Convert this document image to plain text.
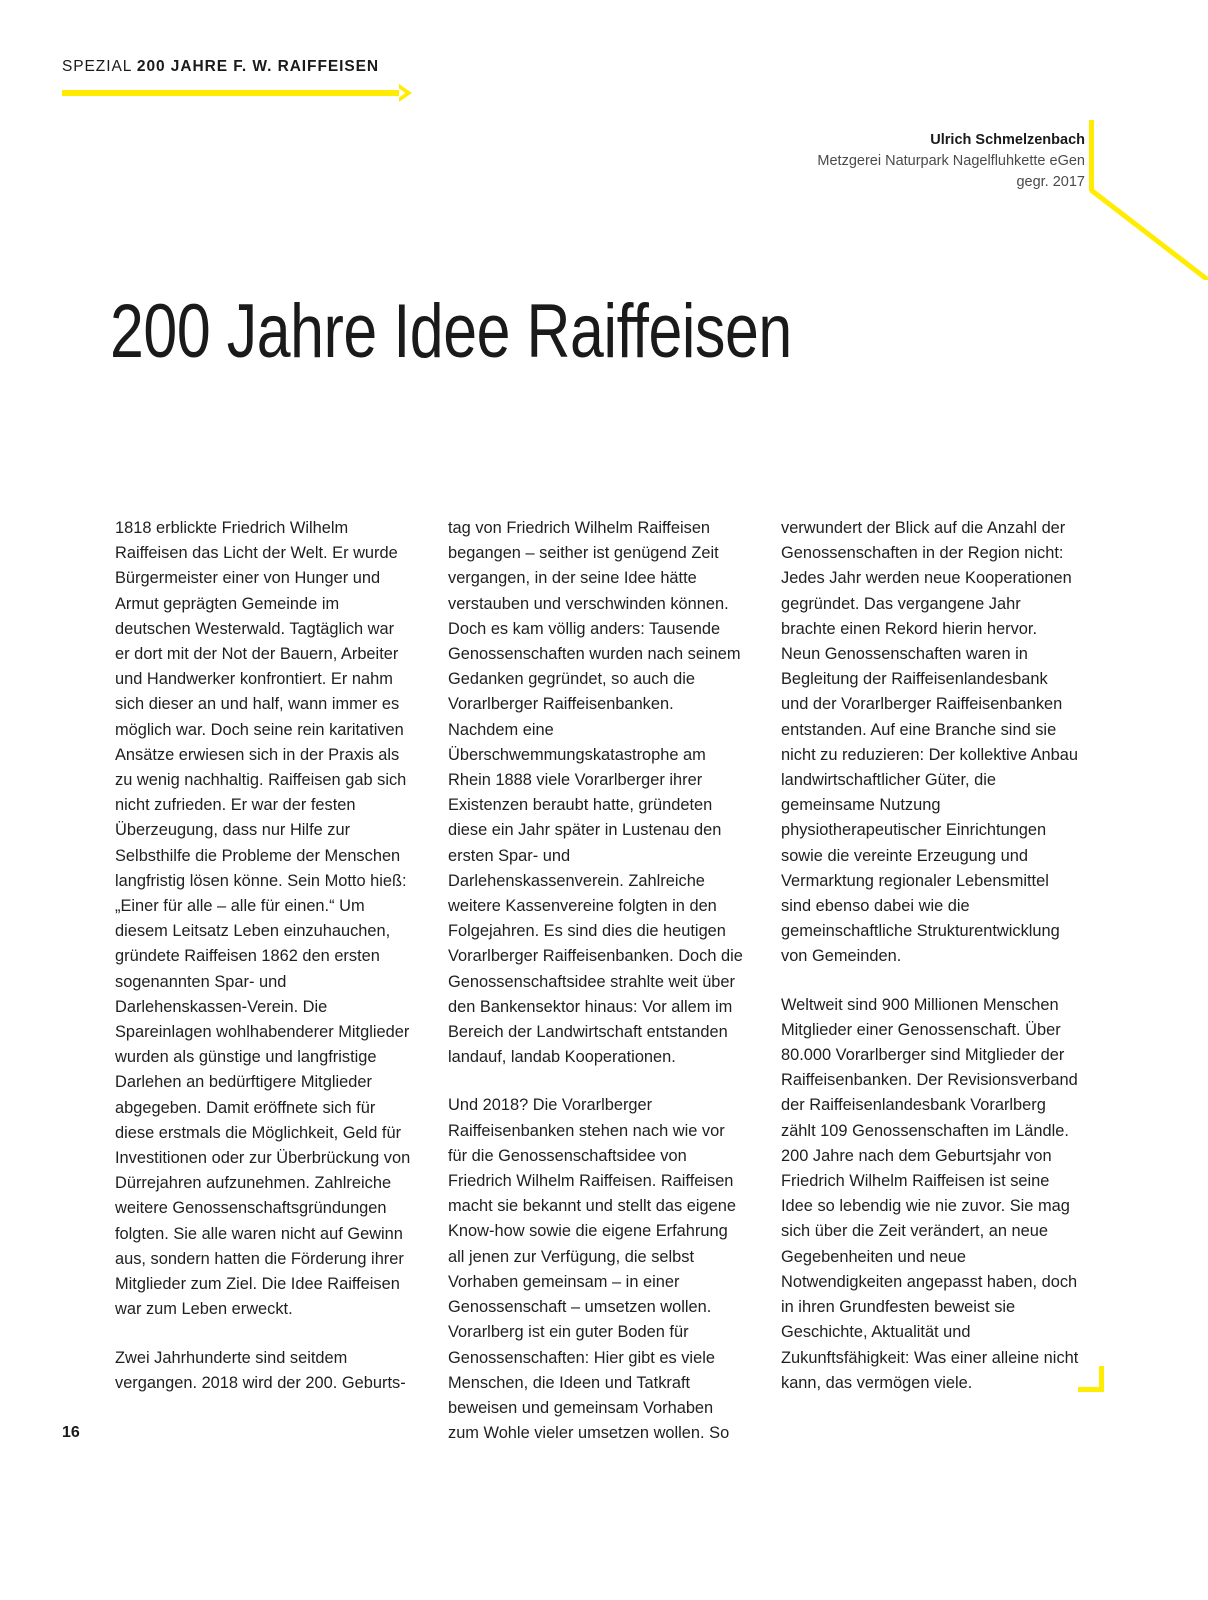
SPEZIAL 200 JAHRE F. W. RAIFFEISEN
Ulrich Schmelzenbach
Metzgerei Naturpark Nagelfluhkette eGen
gegr. 2017
200 Jahre Idee Raiffeisen

1818 erblickte Friedrich Wilhelm Raiffeisen das Licht der Welt. Er wurde Bürgermeister einer von Hunger und Armut geprägten Gemeinde im deutschen Westerwald. Tagtäglich war er dort mit der Not der Bauern, Arbeiter und Handwerker konfrontiert. Er nahm sich dieser an und half, wann immer es möglich war. Doch seine rein karitativen Ansätze erwiesen sich in der Praxis als zu wenig nachhaltig. Raiffeisen gab sich nicht zufrieden. Er war der festen Überzeugung, dass nur Hilfe zur Selbsthilfe die Probleme der Menschen langfristig lösen könne. Sein Motto hieß: „Einer für alle – alle für einen.“ Um diesem Leitsatz Leben einzuhauchen, gründete Raiffeisen 1862 den ersten sogenannten Spar- und Darlehenskassen-Verein. Die Spareinlagen wohlhabenderer Mitglieder wurden als günstige und langfristige Darlehen an bedürftigere Mitglieder abgegeben. Damit eröffnete sich für diese erstmals die Möglichkeit, Geld für Investitionen oder zur Überbrückung von Dürrejahren aufzunehmen. Zahlreiche weitere Genossenschaftsgründungen folgten. Sie alle waren nicht auf Gewinn aus, sondern hatten die Förderung ihrer Mitglieder zum Ziel. Die Idee Raiffeisen war zum Leben erweckt.

Zwei Jahrhunderte sind seitdem vergangen. 2018 wird der 200. Geburts-

tag von Friedrich Wilhelm Raiffeisen begangen – seither ist genügend Zeit vergangen, in der seine Idee hätte verstauben und verschwinden können. Doch es kam völlig anders: Tausende Genossenschaften wurden nach seinem Gedanken gegründet, so auch die Vorarlberger Raiffeisenbanken. Nachdem eine Überschwemmungskatastrophe am Rhein 1888 viele Vorarlberger ihrer Existenzen beraubt hatte, gründeten diese ein Jahr später in Lustenau den ersten Spar- und Darlehenskassenverein. Zahlreiche weitere Kassenvereine folgten in den Folgejahren. Es sind dies die heutigen Vorarlberger Raiffeisenbanken. Doch die Genossenschaftsidee strahlte weit über den Bankensektor hinaus: Vor allem im Bereich der Landwirtschaft entstanden landauf, landab Kooperationen.

Und 2018? Die Vorarlberger Raiffeisenbanken stehen nach wie vor für die Genossenschaftsidee von Friedrich Wilhelm Raiffeisen. Raiffeisen macht sie bekannt und stellt das eigene Know-how sowie die eigene Erfahrung all jenen zur Verfügung, die selbst Vorhaben gemeinsam – in einer Genossenschaft – umsetzen wollen. Vorarlberg ist ein guter Boden für Genossenschaften: Hier gibt es viele Menschen, die Ideen und Tatkraft beweisen und gemeinsam Vorhaben zum Wohle vieler umsetzen wollen. So

verwundert der Blick auf die Anzahl der Genossenschaften in der Region nicht: Jedes Jahr werden neue Kooperationen gegründet. Das vergangene Jahr brachte einen Rekord hierin hervor. Neun Genossenschaften waren in Begleitung der Raiffeisenlandesbank und der Vorarlberger Raiffeisenbanken entstanden. Auf eine Branche sind sie nicht zu reduzieren: Der kollektive Anbau landwirtschaftlicher Güter, die gemeinsame Nutzung physiotherapeutischer Einrichtungen sowie die vereinte Erzeugung und Vermarktung regionaler Lebensmittel sind ebenso dabei wie die gemeinschaftliche Strukturentwicklung von Gemeinden.

Weltweit sind 900 Millionen Menschen Mitglieder einer Genossenschaft. Über 80.000 Vorarlberger sind Mitglieder der Raiffeisenbanken. Der Revisionsverband der Raiffeisenlandesbank Vorarlberg zählt 109 Genossenschaften im Ländle. 200 Jahre nach dem Geburtsjahr von Friedrich Wilhelm Raiffeisen ist seine Idee so lebendig wie nie zuvor. Sie mag sich über die Zeit verändert, an neue Gegebenheiten und neue Notwendigkeiten angepasst haben, doch in ihren Grundfesten beweist sie Geschichte, Aktualität und Zukunftsfähigkeit: Was einer alleine nicht kann, das vermögen viele.

16
